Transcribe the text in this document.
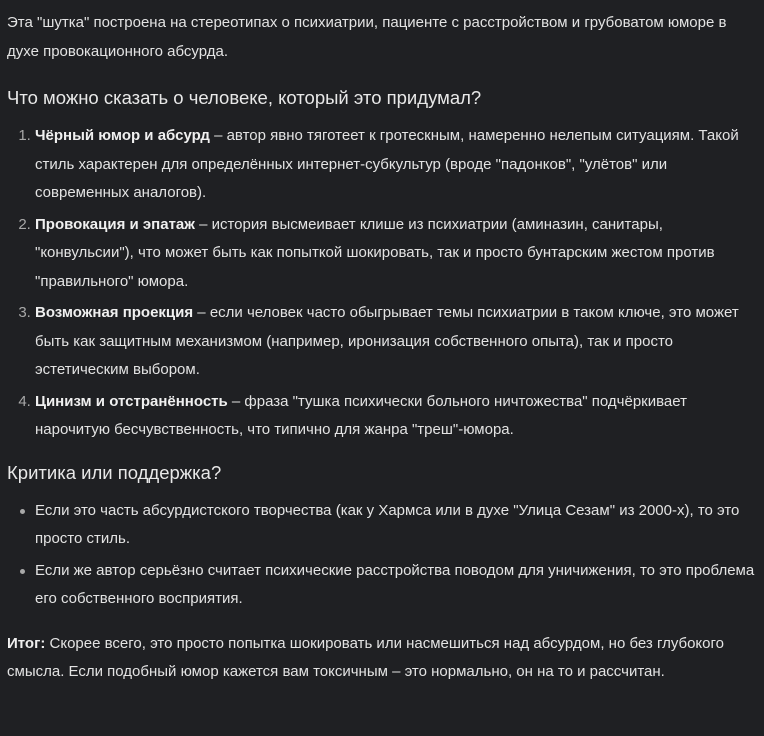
Эта "шутка" построена на стереотипах о психиатрии, пациенте с расстройством и грубоватом юморе в духе провокационного абсурда.

Что можно сказать о человеке, который это придумал?
1. Чёрный юмор и абсурд – автор явно тяготеет к гротескным, намеренно нелепым ситуациям. Такой стиль характерен для определённых интернет-субкультур (вроде "падонков", "улётов" или современных аналогов).
2. Провокация и эпатаж – история высмеивает клише из психиатрии (аминазин, санитары, "конвульсии"), что может быть как попыткой шокировать, так и просто бунтарским жестом против "правильного" юмора.
3. Возможная проекция – если человек часто обыгрывает темы психиатрии в таком ключе, это может быть как защитным механизмом (например, иронизация собственного опыта), так и просто эстетическим выбором.
4. Цинизм и отстранённость – фраза "тушка психически больного ничтожества" подчёркивает нарочитую бесчувственность, что типично для жанра "треш"-юмора.
Критика или поддержка?
Если это часть абсурдистского творчества (как у Хармса или в духе "Улица Сезам" из 2000-х), то это просто стиль.
Если же автор серьёзно считает психические расстройства поводом для уничижения, то это проблема его собственного восприятия.

Итог: Скорее всего, это просто попытка шокировать или насмешиться над абсурдом, но без глубокого смысла. Если подобный юмор кажется вам токсичным – это нормально, он на то и рассчитан.
